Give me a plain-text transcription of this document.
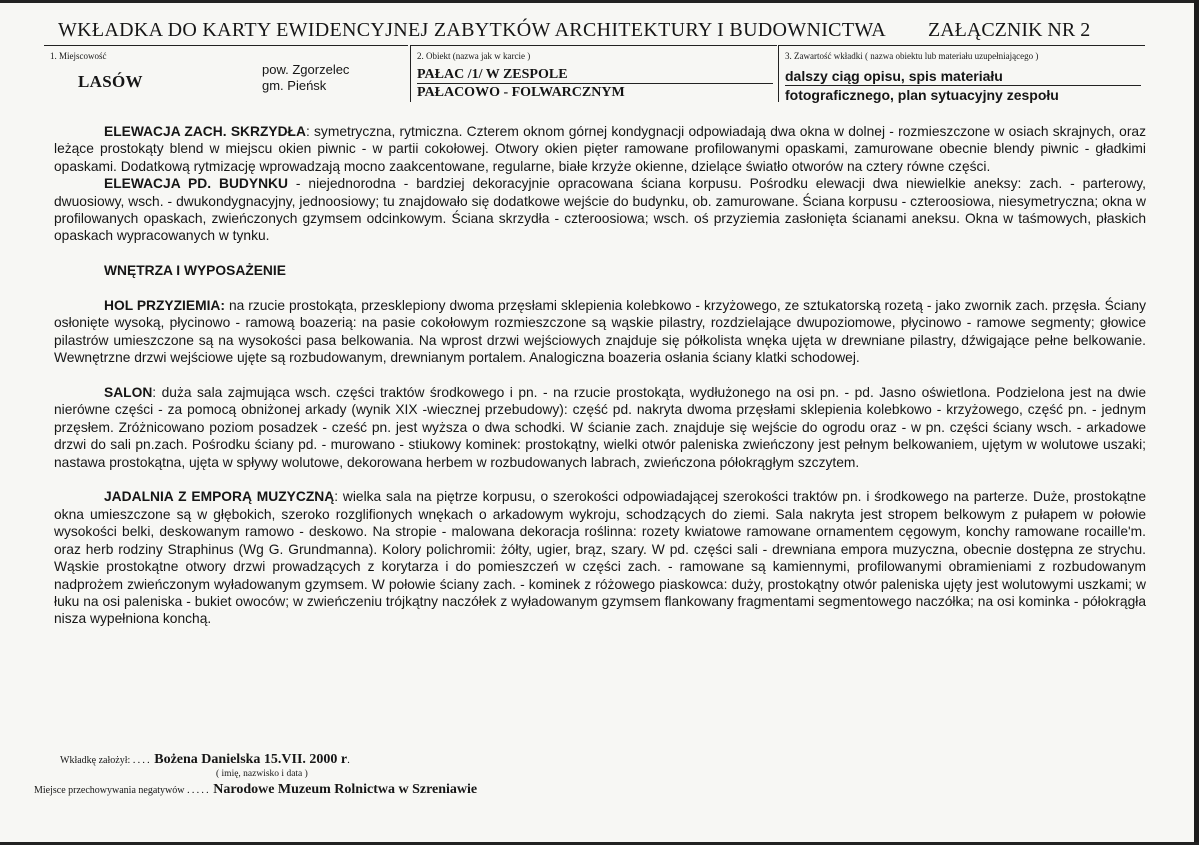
WKŁADKA DO KARTY EWIDENCYJNEJ ZABYTKÓW ARCHITEKTURY I BUDOWNICTWA ZAŁĄCZNIK NR 2
1. Miejscowość
LASÓW
pow. Zgorzelec
gm. Pieńsk
2. Obiekt (nazwa jak w karcie )
PAŁAC /1/ W ZESPOLE
PAŁACOWO - FOLWARCZNYM
3. Zawartość wkładki ( nazwa obiektu lub materiału uzupełniającego )
dalszy ciąg opisu, spis materiału
fotograficznego, plan sytuacyjny zespołu

ELEWACJA ZACH. SKRZYDŁA: symetryczna, rytmiczna. Czterem oknom górnej kondygnacji odpowiadają dwa okna w dolnej - rozmieszczone w osiach skrajnych, oraz leżące prostokąty blend w miejscu okien piwnic - w partii cokołowej. Otwory okien pięter ramowane profilowanymi opaskami, zamurowane obecnie blendy piwnic - gładkimi opaskami. Dodatkową rytmizację wprowadzają mocno zaakcentowane, regularne, białe krzyże okienne, dzielące światło otworów na cztery równe części.

ELEWACJA PD. BUDYNKU - niejednorodna - bardziej dekoracyjnie opracowana ściana korpusu. Pośrodku elewacji dwa niewielkie aneksy: zach. - parterowy, dwuosiowy, wsch. - dwukondygnacyjny, jednoosiowy; tu znajdowało się dodatkowe wejście do budynku, ob. zamurowane. Ściana korpusu - czteroosiowa, niesymetryczna; okna w profilowanych opaskach, zwieńczonych gzymsem odcinkowym. Ściana skrzydła - czteroosiowa; wsch. oś przyziemia zasłonięta ścianami aneksu. Okna w taśmowych, płaskich opaskach wypracowanych w tynku.

WNĘTRZA I WYPOSAŻENIE

HOL PRZYZIEMIA: na rzucie prostokąta, przesklepiony dwoma przęsłami sklepienia kolebkowo - krzyżowego, ze sztukatorską rozetą - jako zwornik zach. przęsła. Ściany osłonięte wysoką, płycinowo - ramową boazerią: na pasie cokołowym rozmieszczone są wąskie pilastry, rozdzielające dwupoziomowe, płycinowo - ramowe segmenty; głowice pilastrów umieszczone są na wysokości pasa belkowania. Na wprost drzwi wejściowych znajduje się półkolista wnęka ujęta w drewniane pilastry, dźwigające pełne belkowanie. Wewnętrzne drzwi wejściowe ujęte są rozbudowanym, drewnianym portalem. Analogiczna boazeria osłania ściany klatki schodowej.

SALON: duża sala zajmująca wsch. części traktów środkowego i pn. - na rzucie prostokąta, wydłużonego na osi pn. - pd. Jasno oświetlona. Podzielona jest na dwie nierówne części - za pomocą obniżonej arkady (wynik XIX -wiecznej przebudowy): część pd. nakryta dwoma przęsłami sklepienia kolebkowo - krzyżowego, część pn. - jednym przęsłem. Zróżnicowano poziom posadzek - cześć pn. jest wyższa o dwa schodki. W ścianie zach. znajduje się wejście do ogrodu oraz - w pn. części ściany wsch. - arkadowe drzwi do sali pn.zach. Pośrodku ściany pd. - murowano - stiukowy kominek: prostokątny, wielki otwór paleniska zwieńczony jest pełnym belkowaniem, ujętym w wolutowe uszaki; nastawa prostokątna, ujęta w spływy wolutowe, dekorowana herbem w rozbudowanych labrach, zwieńczona półokrągłym szczytem.

JADALNIA Z EMPORĄ MUZYCZNĄ: wielka sala na piętrze korpusu, o szerokości odpowiadającej szerokości traktów pn. i środkowego na parterze. Duże, prostokątne okna umieszczone są w głębokich, szeroko rozglifionych wnękach o arkadowym wykroju, schodzących do ziemi. Sala nakryta jest stropem belkowym z pułapem w połowie wysokości belki, deskowanym ramowo - deskowo. Na stropie - malowana dekoracja roślinna: rozety kwiatowe ramowane ornamentem cęgowym, konchy ramowane rocaille'm. oraz herb rodziny Straphinus (Wg G. Grundmanna). Kolory polichromii: żółty, ugier, brąz, szary. W pd. części sali - drewniana empora muzyczna, obecnie dostępna ze strychu. Wąskie prostokątne otwory drzwi prowadzących z korytarza i do pomieszczeń w części zach. - ramowane są kamiennymi, profilowanymi obramieniami z rozbudowanym nadprożem zwieńczonym wyładowanym gzymsem. W połowie ściany zach. - kominek z różowego piaskowca: duży, prostokątny otwór paleniska ujęty jest wolutowymi uszkami; w łuku na osi paleniska - bukiet owoców; w zwieńczeniu trójkątny naczółek z wyładowanym gzymsem flankowany fragmentami segmentowego naczółka; na osi kominka - półokrągła nisza wypełniona konchą.

Wkładkę założył: .... Bożena Danielska 15.VII. 2000 r.
( imię, nazwisko i data )
Miejsce przechowywania negatywów ..... Narodowe Muzeum Rolnictwa w Szreniawie
